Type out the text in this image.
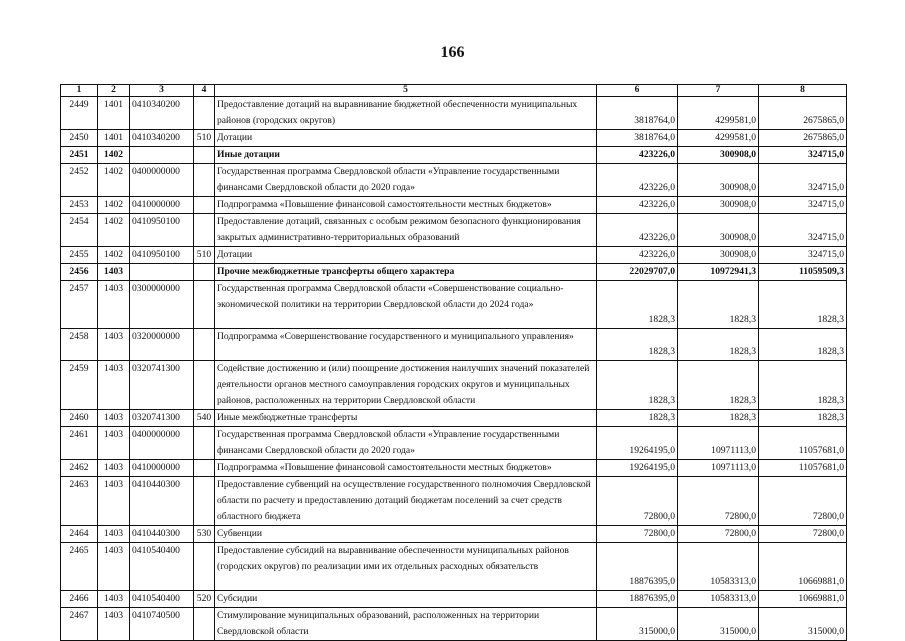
166
1	2	3	4	5	6	7	8
2449	1401	0410340200		Предоставление дотаций на выравнивание бюджетной обеспеченности муниципальных районов (городских округов)	3818764,0	4299581,0	2675865,0
2450	1401	0410340200	510	Дотации	3818764,0	4299581,0	2675865,0
2451	1402			Иные дотации	423226,0	300908,0	324715,0
2452	1402	0400000000		Государственная программа Свердловской области «Управление государственными финансами Свердловской области до 2020 года»	423226,0	300908,0	324715,0
2453	1402	0410000000		Подпрограмма «Повышение финансовой самостоятельности местных бюджетов»	423226,0	300908,0	324715,0
2454	1402	0410950100		Предоставление дотаций, связанных с особым режимом безопасного функционирования закрытых административно-территориальных образований	423226,0	300908,0	324715,0
2455	1402	0410950100	510	Дотации	423226,0	300908,0	324715,0
2456	1403			Прочие межбюджетные трансферты общего характера	22029707,0	10972941,3	11059509,3
2457	1403	0300000000		Государственная программа Свердловской области «Совершенствование социально-экономической политики на территории Свердловской области до 2024 года»	1828,3	1828,3	1828,3
2458	1403	0320000000		Подпрограмма «Совершенствование государственного и муниципального управления»	1828,3	1828,3	1828,3
2459	1403	0320741300		Содействие достижению и (или) поощрение достижения наилучших значений показателей деятельности органов местного самоуправления городских округов и муниципальных районов, расположенных на территории Свердловской области	1828,3	1828,3	1828,3
2460	1403	0320741300	540	Иные межбюджетные трансферты	1828,3	1828,3	1828,3
2461	1403	0400000000		Государственная программа Свердловской области «Управление государственными финансами Свердловской области до 2020 года»	19264195,0	10971113,0	11057681,0
2462	1403	0410000000		Подпрограмма «Повышение финансовой самостоятельности местных бюджетов»	19264195,0	10971113,0	11057681,0
2463	1403	0410440300		Предоставление субвенций на осуществление государственного полномочия Свердловской области по расчету и предоставлению дотаций бюджетам поселений за счет средств областного бюджета	72800,0	72800,0	72800,0
2464	1403	0410440300	530	Субвенции	72800,0	72800,0	72800,0
2465	1403	0410540400		Предоставление субсидий на выравнивание обеспеченности муниципальных районов (городских округов) по реализации ими их отдельных расходных обязательств	18876395,0	10583313,0	10669881,0
2466	1403	0410540400	520	Субсидии	18876395,0	10583313,0	10669881,0
2467	1403	0410740500		Стимулирование муниципальных образований, расположенных на территории Свердловской области	315000,0	315000,0	315000,0
